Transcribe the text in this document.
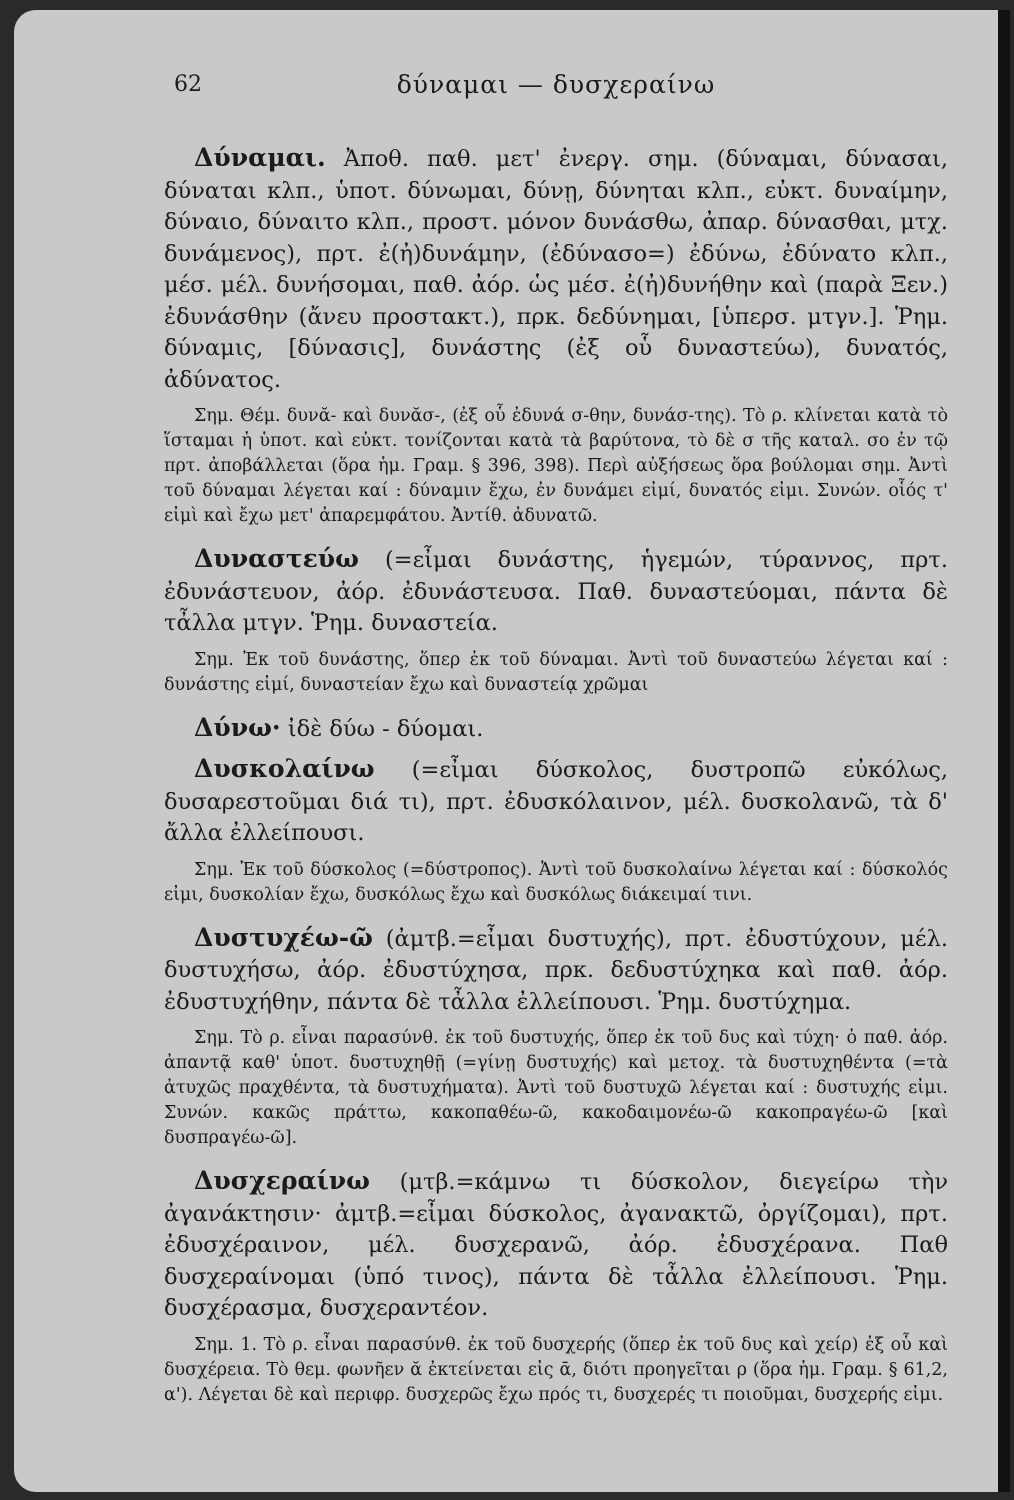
62	δύναμαι — δυσχεραίνω

Δύναμαι. Ἀποθ. παθ. μετ' ἐνεργ. σημ. (δύναμαι, δύνασαι, δύναται κλπ., ὑποτ. δύνωμαι, δύνῃ, δύνηται κλπ., εὐκτ. δυναίμην, δύναιο, δύναιτο κλπ., προστ. μόνον δυνάσθω, ἀπαρ. δύνασθαι, μτχ. δυνάμενος), πρτ. ἐ(ἠ)δυνάμην, (ἐδύνασο=) ἐδύνω, ἐδύνατο κλπ., μέσ. μέλ. δυνήσομαι, παθ. ἀόρ. ὡς μέσ. ἐ(ἠ)δυνήθην καὶ (παρὰ Ξεν.) ἐδυνάσθην (ἄνευ προστακτ.), πρκ. δεδύνημαι, [ὑπερσ. μτγν.]. Ῥημ. δύναμις, [δύνασις], δυνάστης (ἐξ οὗ δυναστεύω), δυνατός, ἀδύνατος.

Σημ. Θέμ. δυνᾰ- καὶ δυνᾰσ-, (ἐξ οὗ ἐδυνά σ-θην, δυνάσ-της). Τὸ ρ. κλίνεται κατὰ τὸ ἵσταμαι ἡ ὑποτ. καὶ εὐκτ. τονίζονται κατὰ τὰ βαρύτονα, τὸ δὲ σ τῆς καταλ. σο ἐν τῷ πρτ. ἀποβάλλεται (ὅρα ἡμ. Γραμ. § 396, 398). Περὶ αὐξήσεως ὅρα βούλομαι σημ. Ἀντὶ τοῦ δύναμαι λέγεται καί : δύναμιν ἔχω, ἐν δυνάμει εἰμί, δυνατός εἰμι. Συνών. οἷός τ' εἰμὶ καὶ ἔχω μετ' ἀπαρεμφάτου. Ἀντίθ. ἀδυνατῶ.

Δυναστεύω (=εἶμαι δυνάστης, ἡγεμών, τύραννος, πρτ. ἐδυνάστευον, ἀόρ. ἐδυνάστευσα. Παθ. δυναστεύομαι, πάντα δὲ τἆλλα μτγν. Ῥημ. δυναστεία.

Σημ. Ἐκ τοῦ δυνάστης, ὅπερ ἐκ τοῦ δύναμαι. Ἀντὶ τοῦ δυναστεύω λέγεται καί : δυνάστης εἰμί, δυναστείαν ἔχω καὶ δυναστείᾳ χρῶμαι

Δύνω· ἰδὲ δύω - δύομαι.

Δυσκολαίνω (=εἶμαι δύσκολος, δυστροπῶ εὐκόλως, δυσαρεστοῦμαι διά τι), πρτ. ἐδυσκόλαινον, μέλ. δυσκολανῶ, τὰ δ' ἄλλα ἐλλείπουσι.

Σημ. Ἐκ τοῦ δύσκολος (=δύστροπος). Ἀντὶ τοῦ δυσκολαίνω λέγεται καί : δύσκολός εἰμι, δυσκολίαν ἔχω, δυσκόλως ἔχω καὶ δυσκόλως διάκειμαί τινι.

Δυστυχέω-ῶ (ἀμτβ.=εἶμαι δυστυχής), πρτ. ἐδυστύχουν, μέλ. δυστυχήσω, ἀόρ. ἐδυστύχησα, πρκ. δεδυστύχηκα καὶ παθ. ἀόρ. ἐδυστυχήθην, πάντα δὲ τἆλλα ἐλλείπουσι. Ῥημ. δυστύχημα.

Σημ. Τὸ ρ. εἶναι παρασύνθ. ἐκ τοῦ δυστυχής, ὅπερ ἐκ τοῦ δυς καὶ τύχη· ὁ παθ. ἀόρ. ἀπαντᾷ καθ' ὑποτ. δυστυχηθῇ (=γίνῃ δυστυχής) καὶ μετοχ. τὰ δυστυχηθέντα (=τὰ ἀτυχῶς πραχθέντα, τὰ δυστυχήματα). Ἀντὶ τοῦ δυστυχῶ λέγεται καί : δυστυχής εἰμι. Συνών. κακῶς πράττω, κακοπαθέω-ῶ, κακοδαιμονέω-ῶ κακοπραγέω-ῶ [καὶ δυσπραγέω-ῶ].

Δυσχεραίνω (μτβ.=κάμνω τι δύσκολον, διεγείρω τὴν ἀγανάκτησιν· ἀμτβ.=εἶμαι δύσκολος, ἀγανακτῶ, ὀργίζομαι), πρτ. ἐδυσχέραινον, μέλ. δυσχερανῶ, ἀόρ. ἐδυσχέρανα. Παθ δυσχεραίνομαι (ὑπό τινος), πάντα δὲ τἆλλα ἐλλείπουσι. Ῥημ. δυσχέρασμα, δυσχεραντέον.

Σημ. 1. Τὸ ρ. εἶναι παρασύνθ. ἐκ τοῦ δυσχερής (ὅπερ ἐκ τοῦ δυς καὶ χείρ) ἐξ οὗ καὶ δυσχέρεια. Τὸ θεμ. φωνῆεν ᾰ ἐκτείνεται εἰς ᾱ, διότι προηγεῖται ρ (ὅρα ἡμ. Γραμ. § 61,2, α'). Λέγεται δὲ καὶ περιφρ. δυσχερῶς ἔχω πρός τι, δυσχερές τι ποιοῦμαι, δυσχερής εἰμι.
